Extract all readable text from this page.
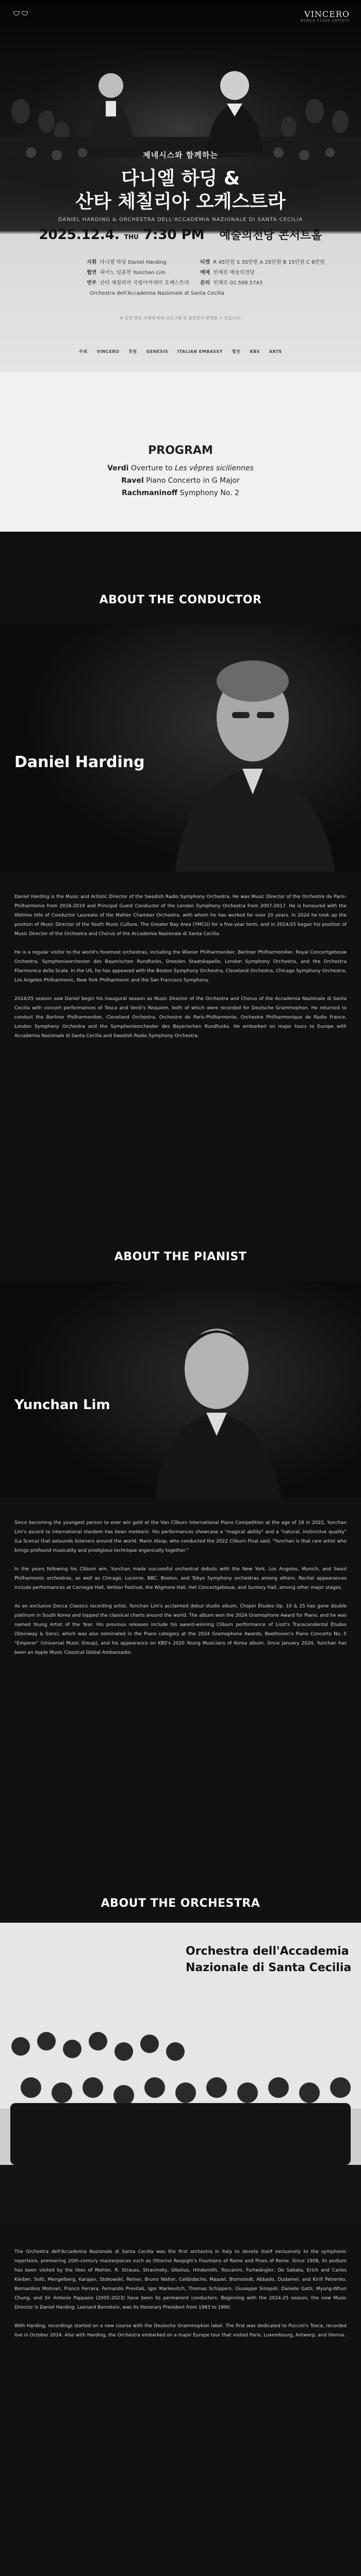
VINCERO
WORLD CLASS ARTISTS
제네시스와 함께하는
다니엘 하딩 &
산타 체칠리아 오케스트라
DANIEL HARDING & ORCHESTRA DELL'ACCADEMIA NAZIONALE DI SANTA CECILIA
2025.12.4. THU 7:30 PM 예술의전당 콘서트홀
지휘 다니엘 하딩 Daniel Harding
협연 피아노 임윤찬 Yunchan Lim
연주 산타 체칠리아 국립아카데미 오케스트라
Orchestra dell'Accademia Nazionale di Santa Cecilia
티켓 R 45만원 S 35만원 A 25만원 B 15만원 C 8만원
예매 빈체로 예술의전당
문의 빈체로 02.599.5743
※ 공연 당일 사정에 따라 프로그램 및 출연진이 변경될 수 있습니다.
주최 VINCERO 후원 GENESIS ITALIAN EMBASSY 협찬 KBS ARTE
PROGRAM
Verdi Overture to Les vêpres siciliennes
Ravel Piano Concerto in G Major
Rachmaninoff Symphony No. 2
ABOUT THE CONDUCTOR
Daniel Harding

Daniel Harding is the Music and Artistic Director of the Swedish Radio Symphony Orchestra. He was Music Director of the Orchestre de Paris-Philharmonie from 2016-2019 and Principal Guest Conductor of the London Symphony Orchestra from 2007-2017. He is honoured with the lifetime title of Conductor Laureate of the Mahler Chamber Orchestra, with whom he has worked for over 20 years. In 2024 he took up the position of Music Director of the Youth Music Culture, The Greater Bay Area (YMCG) for a five-year term, and in 2024/25 began his position of Music Director of the Orchestra and Chorus of the Accademia Nazionale di Santa Cecilia.

He is a regular visitor to the world's foremost orchestras, including the Wiener Philharmoniker, Berliner Philharmoniker, Royal Concertgebouw Orchestra, Symphonieorchester des Bayerischen Rundfunks, Dresden Staatskapelle, London Symphony Orchestra, and the Orchestra Filarmonica della Scala. In the US, he has appeared with the Boston Symphony Orchestra, Cleveland Orchestra, Chicago Symphony Orchestra, Los Angeles Philharmonic, New York Philharmonic and the San Francisco Symphony.

2024/25 season saw Daniel begin his inaugural season as Music Director of the Orchestra and Chorus of the Accademia Nazionale di Santa Cecilia with concert performances of Tosca and Verdi's Requiem, both of which were recorded for Deutsche Grammophon. He returned to conduct the Berliner Philharmoniker, Cleveland Orchestra, Orchestre de Paris-Philharmonie, Orchestre Philharmonique de Radio France, London Symphony Orchestra and the Symphonieorchester des Bayerischen Rundfunks. He embarked on major tours to Europe with Accademia Nazionale di Santa Cecilia and Swedish Radio Symphony Orchestra.

ABOUT THE PIANIST
Yunchan Lim

Since becoming the youngest person to ever win gold at the Van Cliburn International Piano Competition at the age of 18 in 2022, Yunchan Lim's ascent to international stardom has been meteoric. His performances showcase a "magical ability" and a "natural, instinctive quality" (La Scena) that astounds listeners around the world. Marin Alsop, who conducted the 2022 Cliburn Final said, "Yunchan is that rare artist who brings profound musicality and prodigious technique organically together."

In the years following his Cliburn win, Yunchan made successful orchestral debuts with the New York, Los Angeles, Munich, and Seoul Philharmonic orchestras, as well as Chicago, Lucerne, BBC, Boston, and Tokyo Symphony orchestras among others. Recital appearances include performances at Carnegie Hall, Verbier Festival, the Wigmore Hall, Het Concertgebouw, and Suntory Hall, among other major stages.

As an exclusive Decca Classics recording artist, Yunchan Lim's acclaimed debut studio album, Chopin Études Op. 10 & 25 has gone double platinum in South Korea and topped the classical charts around the world. The album won the 2024 Gramophone Award for Piano, and he was named Young Artist of the Year. His previous releases include his award-winning Cliburn performance of Liszt's Transcendental Études (Steinway & Sons), which was also nominated in the Piano category at the 2024 Gramophone Awards, Beethoven's Piano Concerto No. 5 "Emperor" (Universal Music Group), and his appearance on KBS's 2020 Young Musicians of Korea album. Since January 2024, Yunchan has been an Apple Music Classical Global Ambassador.

ABOUT THE ORCHESTRA
Orchestra dell'Accademia
Nazionale di Santa Cecilia

The Orchestra dell'Accademia Nazionale di Santa Cecilia was the first orchestra in Italy to devote itself exclusively to the symphonic repertoire, premiering 20th-century masterpieces such as Ottorino Respighi's Fountains of Rome and Pines of Rome. Since 1908, its podium has been visited by the likes of Mahler, R. Strauss, Stravinsky, Sibelius, Hindemith, Toscanini, Furtwängler, De Sabata, Erich and Carlos Kleiber, Solti, Mengelberg, Karajan, Stokowski, Reiner, Bruno Walter, Celibidache, Maazel, Blomstedt, Abbado, Dudamel, and Kirill Petrenko. Bernardino Molinari, Franco Ferrara, Fernando Previtali, Igor Markevitch, Thomas Schippers, Giuseppe Sinopoli, Daniele Gatti, Myung-Whun Chung, and Sir Antonio Pappano (2005-2023) have been its permanent conductors. Beginning with the 2024-25 season, the new Music Director is Daniel Harding. Leonard Bernstein, was its Honorary President from 1983 to 1990.

With Harding, recordings started on a new course with the Deutsche Grammophon label. The first was dedicated to Puccini's Tosca, recorded live in October 2024. Also with Harding, the Orchestra embarked on a major Europe tour that visited Paris, Luxembourg, Antwerp, and Vienna.
